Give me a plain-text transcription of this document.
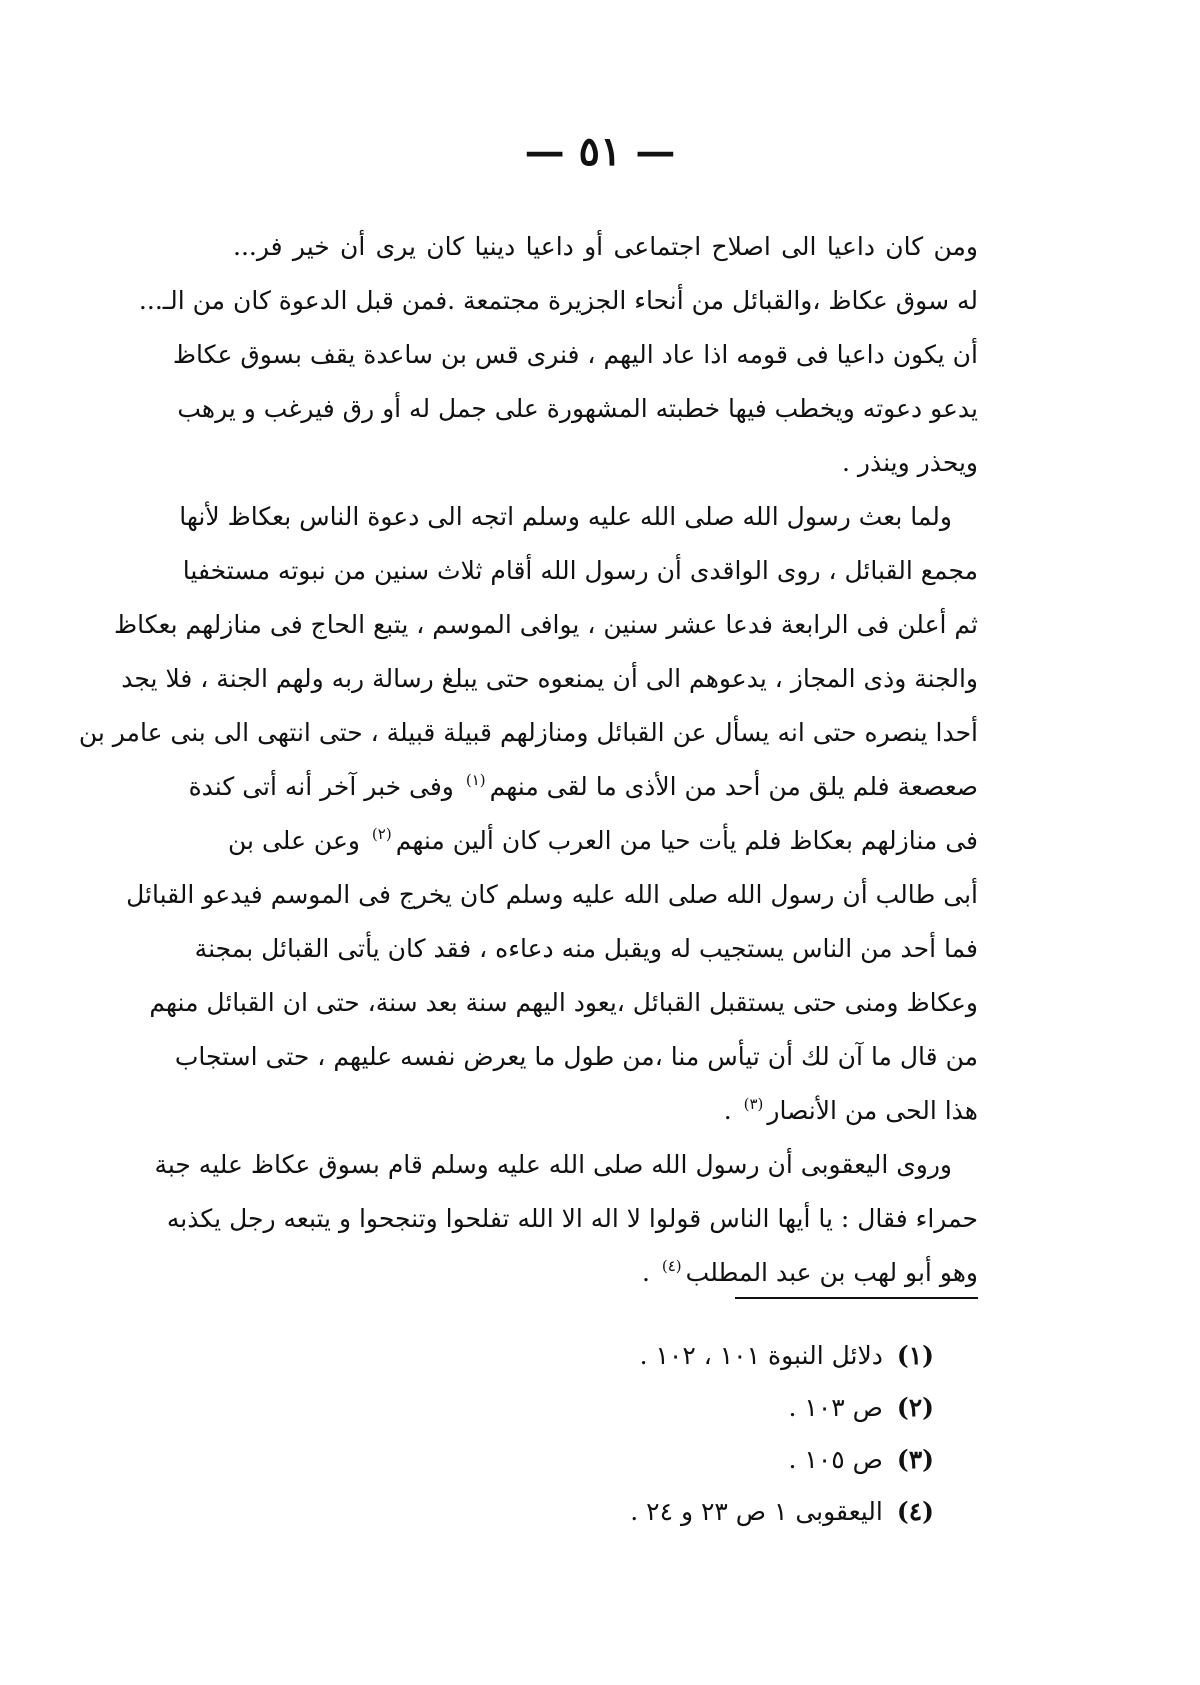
— ٥١ —
ومن كان داعيا الى اصلاح اجتماعى أو داعيا دينيا كان يرى أن خير فر...
له سوق عكاظ ،والقبائل من أنحاء الجزيرة مجتمعة .فمن قبل الدعوة كان من الـ...
أن يكون داعيا فى قومه اذا عاد اليهم ، فنرى قس بن ساعدة يقف بسوق عكاظ
يدعو دعوته ويخطب فيها خطبته المشهورة على جمل له أو رق فيرغب و يرهب
ويحذر وينذر .
ولما بعث رسول الله صلى الله عليه وسلم اتجه الى دعوة الناس بعكاظ لأنها
مجمع القبائل ، روى الواقدى أن رسول الله أقام ثلاث سنين من نبوته مستخفيا
ثم أعلن فى الرابعة فدعا عشر سنين ، يوافى الموسم ، يتبع الحاج فى منازلهم بعكاظ
والجنة وذى المجاز ، يدعوهم الى أن يمنعوه حتى يبلغ رسالة ربه ولهم الجنة ، فلا يجد
أحدا ينصره حتى انه يسأل عن القبائل ومنازلهم قبيلة قبيلة ، حتى انتهى الى بنى عامر بن
صعصعة فلم يلق من أحد من الأذى ما لقى منهم$^{(١)}$ وفى خبر آخر أنه أتى كندة
فى منازلهم بعكاظ فلم يأت حيا من العرب كان ألين منهم$^{(٢)}$ وعن على بن
أبى طالب أن رسول الله صلى الله عليه وسلم كان يخرج فى الموسم فيدعو القبائل
فما أحد من الناس يستجيب له ويقبل منه دعاءه ، فقد كان يأتى القبائل بمجنة
وعكاظ ومنى حتى يستقبل القبائل ،يعود اليهم سنة بعد سنة، حتى ان القبائل منهم
من قال ما آن لك أن تيأس منا ،من طول ما يعرض نفسه عليهم ، حتى استجاب
هذا الحى من الأنصار$^{(٣)}$ .
وروى اليعقوبى أن رسول الله صلى الله عليه وسلم قام بسوق عكاظ عليه جبة
حمراء فقال : يا أيها الناس قولوا لا اله الا الله تفلحوا وتنجحوا و يتبعه رجل يكذبه
وهو أبو لهب بن عبد المطلب$^{(٤)}$ .
(١)دلائل النبوة ١٠١ ، ١٠٢ .
(٢)ص ١٠٣ .
(٣)ص ١٠٥ .
(٤)اليعقوبى ١ ص ٢٣ و ٢٤ .
